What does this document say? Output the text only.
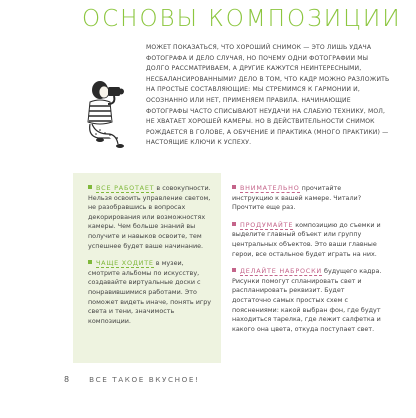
ОСНОВЫ КОМПОЗИЦИИ

МОЖЕТ ПОКАЗАТЬСЯ, ЧТО ХОРОШИЙ СНИМОК — ЭТО ЛИШЬ УДАЧА ФОТОГРАФА И ДЕЛО СЛУЧАЯ, НО ПОЧЕМУ ОДНИ ФОТОГРАФИИ МЫ ДОЛГО РАССМАТРИВАЕМ, А ДРУГИЕ КАЖУТСЯ НЕИНТЕРЕСНЫМИ, НЕСБАЛАНСИРОВАННЫМИ? ДЕЛО В ТОМ, ЧТО КАДР МОЖНО РАЗЛОЖИТЬ НА ПРОСТЫЕ СОСТАВЛЯЮЩИЕ: МЫ СТРЕМИМСЯ К ГАРМОНИИ И, ОСОЗНАННО ИЛИ НЕТ, ПРИМЕНЯЕМ ПРАВИЛА. НАЧИНАЮЩИЕ ФОТОГРАФЫ ЧАСТО СПИСЫВАЮТ НЕУДАЧИ НА СЛАБУЮ ТЕХНИКУ, МОЛ, НЕ ХВАТАЕТ ХОРОШЕЙ КАМЕРЫ. НО В ДЕЙСТВИТЕЛЬНОСТИ СНИМОК РОЖДАЕТСЯ В ГОЛОВЕ, А ОБУЧЕНИЕ И ПРАКТИКА (МНОГО ПРАКТИКИ) — НАСТОЯЩИЕ КЛЮЧИ К УСПЕХУ.

ВСЕ РАБОТАЕТ в совокупности. Нельзя освоить управление светом, не разобравшись в вопросах декорирования или возможностях камеры. Чем больше знаний вы получите и навыков освоите, тем успешнее будет ваше начинание.

ЧАЩЕ ХОДИТЕ в музеи, смотрите альбомы по искусству, создавайте виртуальные доски с понравившимися работами. Это поможет видеть иначе, понять игру света и тени, значимость композиции.

ВНИМАТЕЛЬНО прочитайте инструкцию к вашей камере. Читали? Прочтите еще раз.

ПРОДУМАЙТЕ композицию до съемки и выделите главный объект или группу центральных объектов. Это ваши главные герои, все остальное будет играть на них.

ДЕЛАЙТЕ НАБРОСКИ будущего кадра. Рисунки помогут спланировать свет и распланировать реквизит. Будет достаточно самых простых схем с пояснениями: какой выбран фон, где будут находиться тарелка, где лежит салфетка и какого она цвета, откуда поступает свет.

8	ВСЕ ТАКОЕ ВКУСНОЕ!
